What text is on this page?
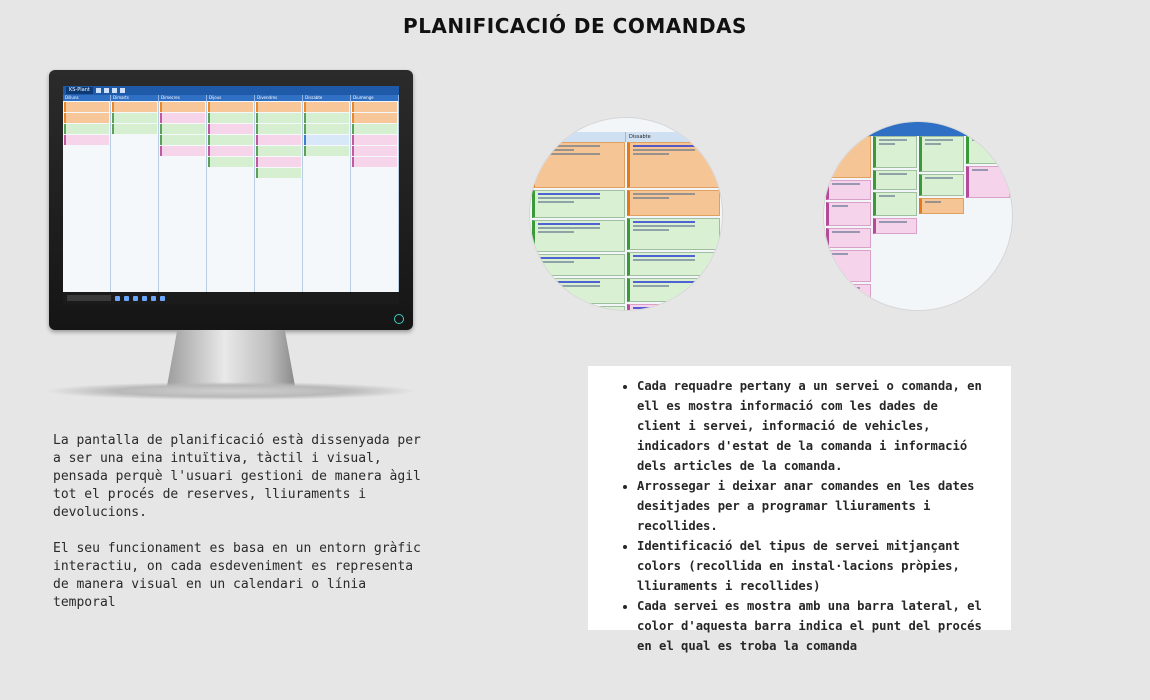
PLANIFICACIÓ DE COMANDAS
KS-Plant
Dilluns	Dimarts	Dimecres	Dijous	Divendres	Dissabte	Diumenge
Divendres	Dissabte

La pantalla de planificació està dissenyada per a ser una eina intuïtiva, tàctil i visual, pensada perquè l'usuari gestioni de manera àgil tot el procés de reserves, lliuraments i devolucions.

El seu funcionament es basa en un entorn gràfic interactiu, on cada esdeveniment es representa de manera visual en un calendari o línia temporal

• Cada requadre pertany a un servei o comanda, en ell es mostra informació com les dades de client i servei, informació de vehicles, indicadors d'estat de la comanda i informació dels articles de la comanda.
• Arrossegar i deixar anar comandes en les dates desitjades per a programar lliuraments i recollides.
• Identificació del tipus de servei mitjançant colors (recollida en instal·lacions pròpies, lliuraments i recollides)
• Cada servei es mostra amb una barra lateral, el color d'aquesta barra indica el punt del procés en el qual es troba la comanda
